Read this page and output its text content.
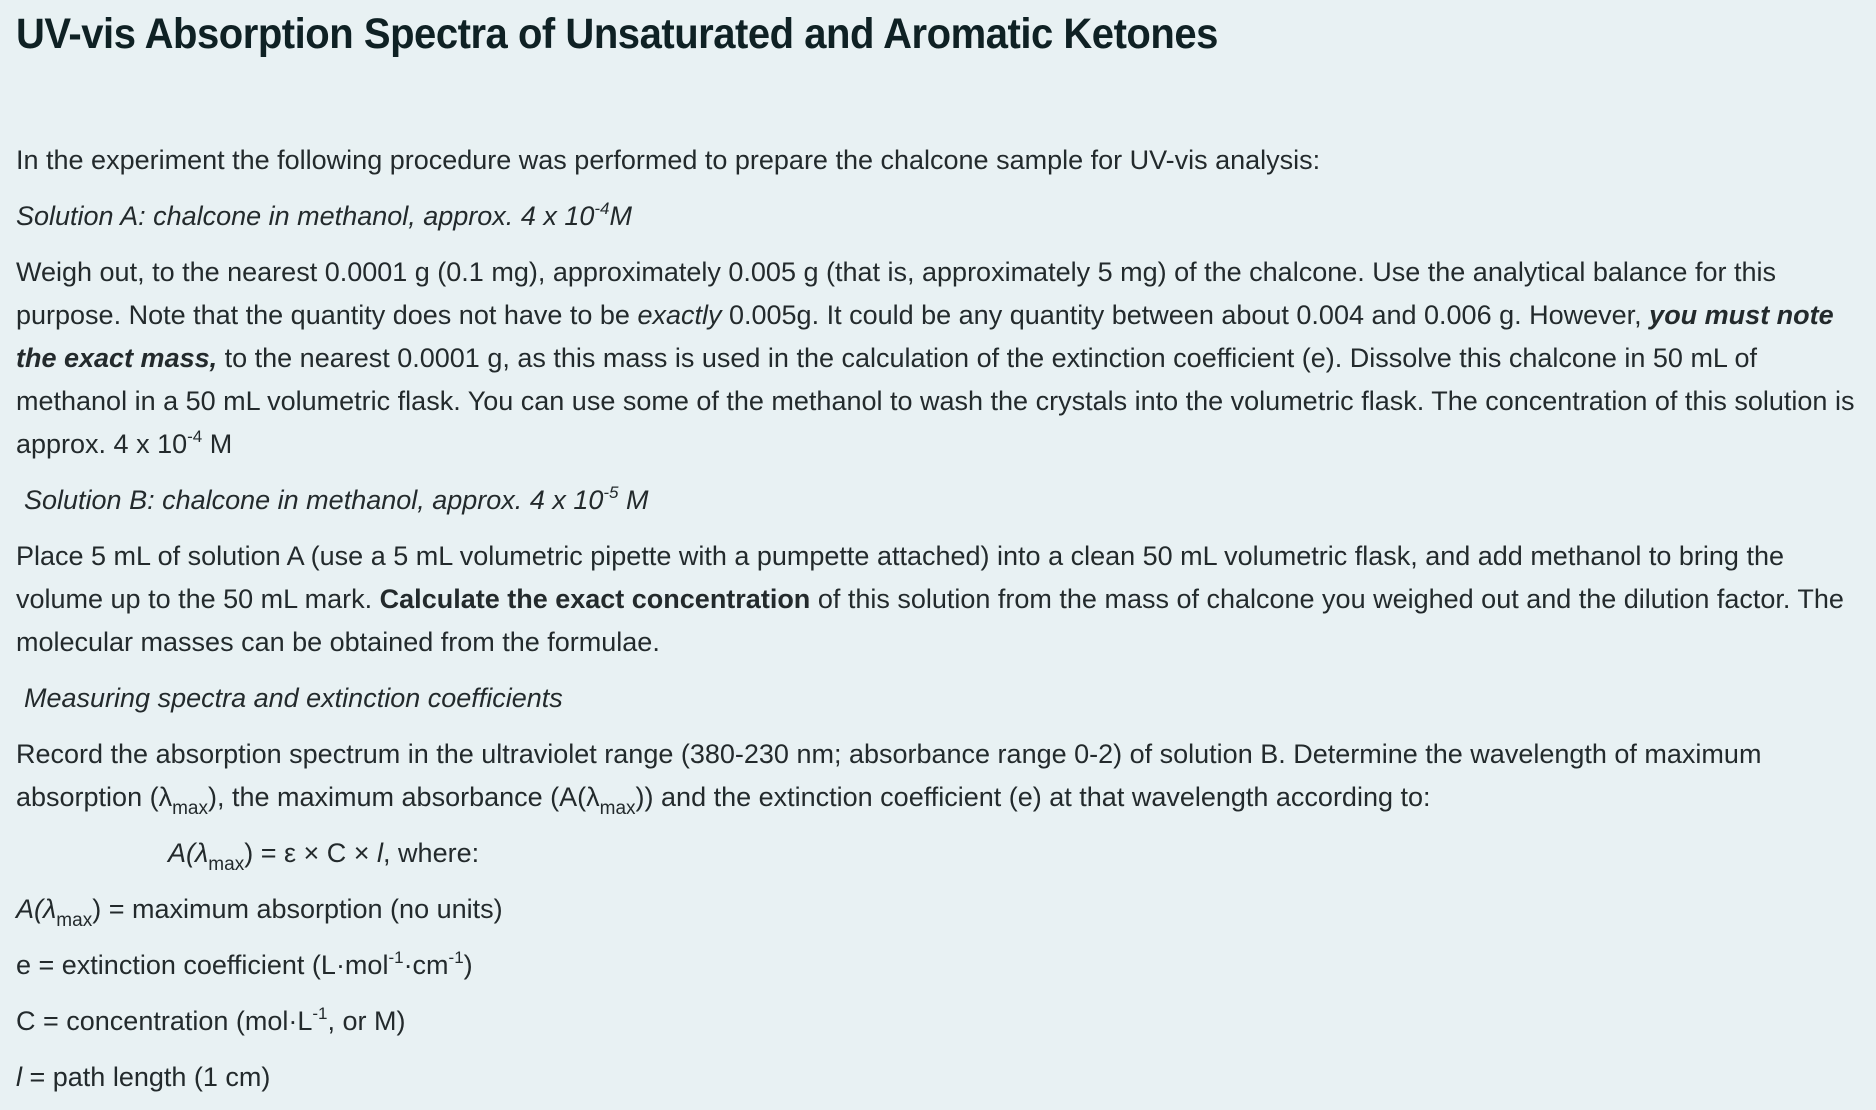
UV-vis Absorption Spectra of Unsaturated and Aromatic Ketones

In the experiment the following procedure was performed to prepare the chalcone sample for UV-vis analysis:

Solution A: chalcone in methanol, approx. 4 x $10^{-4}M$

Weigh out, to the nearest 0.0001 g (0.1 mg), approximately 0.005 g (that is, approximately 5 mg) of the chalcone. Use the analytical balance for this purpose. Note that the quantity does not have to be exactly 0.005g. It could be any quantity between about 0.004 and 0.006 g. However, you must note the exact mass, to the nearest 0.0001 g, as this mass is used in the calculation of the extinction coefficient (e). Dissolve this chalcone in 50 mL of methanol in a 50 mL volumetric flask. You can use some of the methanol to wash the crystals into the volumetric flask. The concentration of this solution is approx. 4 x $10^{-4}$ M

Solution B: chalcone in methanol, approx. 4 x $10^{-5}$ M

Place 5 mL of solution A (use a 5 mL volumetric pipette with a pumpette attached) into a clean 50 mL volumetric flask, and add methanol to bring the volume up to the 50 mL mark. Calculate the exact concentration of this solution from the mass of chalcone you weighed out and the dilution factor. The molecular masses can be obtained from the formulae.

Measuring spectra and extinction coefficients

Record the absorption spectrum in the ultraviolet range (380-230 nm; absorbance range 0-2) of solution B. Determine the wavelength of maximum absorption $(\lambda_{max})$, the maximum absorbance $(A(\lambda_{max}))$ and the extinction coefficient (e) at that wavelength according to:

$A(\lambda_{max}) = \varepsilon \times C \times l$, where:

$A(\lambda_{max})$ = maximum absorption (no units)

e = extinction coefficient $(L\cdot mol^{-1}\cdot cm^{-1})$

C = concentration ($mol\cdot L^{-1}$, or M)

l = path length (1 cm)
